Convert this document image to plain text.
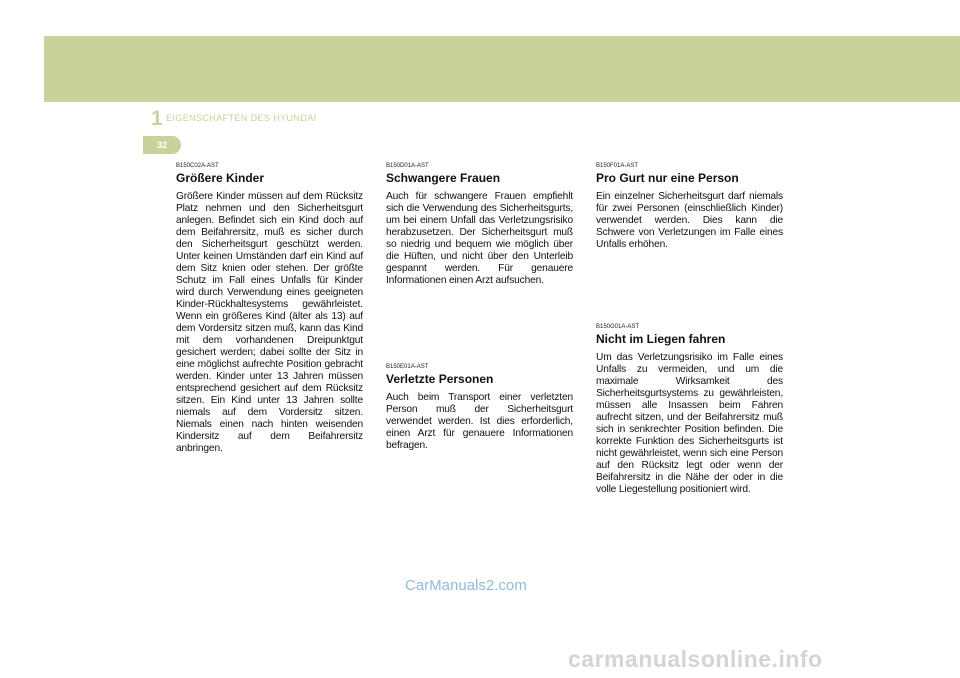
1 EIGENSCHAFTEN DES HYUNDAI
32
B150C02A-AST
Größere Kinder

Größere Kinder müssen auf dem Rücksitz Platz nehmen und den Sicherheitsgurt anlegen. Befindet sich ein Kind doch auf dem Beifahrersitz, muß es sicher durch den Sicherheitsgurt geschützt werden. Unter keinen Umständen darf ein Kind auf dem Sitz knien oder stehen. Der größte Schutz im Fall eines Unfalls für Kinder wird durch Verwendung eines geeigneten Kinder-Rückhaltesystems gewährleistet. Wenn ein größeres Kind (älter als 13) auf dem Vordersitz sitzen muß, kann das Kind mit dem vorhandenen Dreipunktgut gesichert werden; dabei sollte der Sitz in eine möglichst aufrechte Position gebracht werden. Kinder unter 13 Jahren müssen entsprechend gesichert auf dem Rücksitz sitzen. Ein Kind unter 13 Jahren sollte niemals auf dem Vordersitz sitzen. Niemals einen nach hinten weisenden Kindersitz auf dem Beifahrersitz anbringen.

B150D01A-AST
Schwangere Frauen

Auch für schwangere Frauen empfiehlt sich die Verwendung des Sicherheitsgurts, um bei einem Unfall das Verletzungsrisiko herabzusetzen. Der Sicherheitsgurt muß so niedrig und bequem wie möglich über die Hüften, und nicht über den Unterleib gespannt werden. Für genauere Informationen einen Arzt aufsuchen.

B150E01A-AST
Verletzte Personen

Auch beim Transport einer verletzten Person muß der Sicherheitsgurt verwendet werden. Ist dies erforderlich, einen Arzt für genauere Informationen befragen.

B150F01A-AST
Pro Gurt nur eine Person

Ein einzelner Sicherheitsgurt darf niemals für zwei Personen (einschließlich Kinder) verwendet werden. Dies kann die Schwere von Verletzungen im Falle eines Unfalls erhöhen.

B150G01A-AST
Nicht im Liegen fahren

Um das Verletzungsrisiko im Falle eines Unfalls zu vermeiden, und um die maximale Wirksamkeit des Sicherheitsgurtsystems zu gewährleisten, müssen alle Insassen beim Fahren aufrecht sitzen, und der Beifahrersitz muß sich in senkrechter Position befinden. Die korrekte Funktion des Sicherheitsgurts ist nicht gewährleistet, wenn sich eine Person auf den Rücksitz legt oder wenn der Beifahrersitz in die Nähe der oder in die volle Liegestellung positioniert wird.

CarManuals2.com
carmanualsonline.info
